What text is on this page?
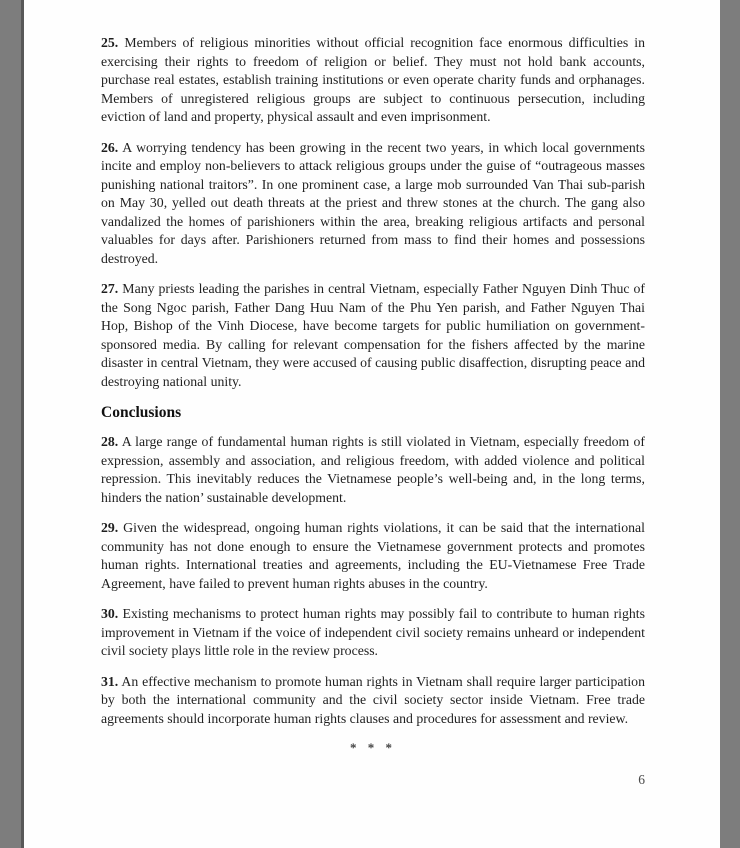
25. Members of religious minorities without official recognition face enormous difficulties in exercising their rights to freedom of religion or belief. They must not hold bank accounts, purchase real estates, establish training institutions or even operate charity funds and orphanages. Members of unregistered religious groups are subject to continuous persecution, including eviction of land and property, physical assault and even imprisonment.

26. A worrying tendency has been growing in the recent two years, in which local governments incite and employ non-believers to attack religious groups under the guise of “outrageous masses punishing national traitors”. In one prominent case, a large mob surrounded Van Thai sub-parish on May 30, yelled out death threats at the priest and threw stones at the church. The gang also vandalized the homes of parishioners within the area, breaking religious artifacts and personal valuables for days after. Parishioners returned from mass to find their homes and possessions destroyed.

27. Many priests leading the parishes in central Vietnam, especially Father Nguyen Dinh Thuc of the Song Ngoc parish, Father Dang Huu Nam of the Phu Yen parish, and Father Nguyen Thai Hop, Bishop of the Vinh Diocese, have become targets for public humiliation on government-sponsored media. By calling for relevant compensation for the fishers affected by the marine disaster in central Vietnam, they were accused of causing public disaffection, disrupting peace and destroying national unity.

Conclusions

28. A large range of fundamental human rights is still violated in Vietnam, especially freedom of expression, assembly and association, and religious freedom, with added violence and political repression. This inevitably reduces the Vietnamese people’s well-being and, in the long terms, hinders the nation’ sustainable development.

29. Given the widespread, ongoing human rights violations, it can be said that the international community has not done enough to ensure the Vietnamese government protects and promotes human rights. International treaties and agreements, including the EU-Vietnamese Free Trade Agreement, have failed to prevent human rights abuses in the country.

30. Existing mechanisms to protect human rights may possibly fail to contribute to human rights improvement in Vietnam if the voice of independent civil society remains unheard or independent civil society plays little role in the review process.

31. An effective mechanism to promote human rights in Vietnam shall require larger participation by both the international community and the civil society sector inside Vietnam. Free trade agreements should incorporate human rights clauses and procedures for assessment and review.

* * *
6
